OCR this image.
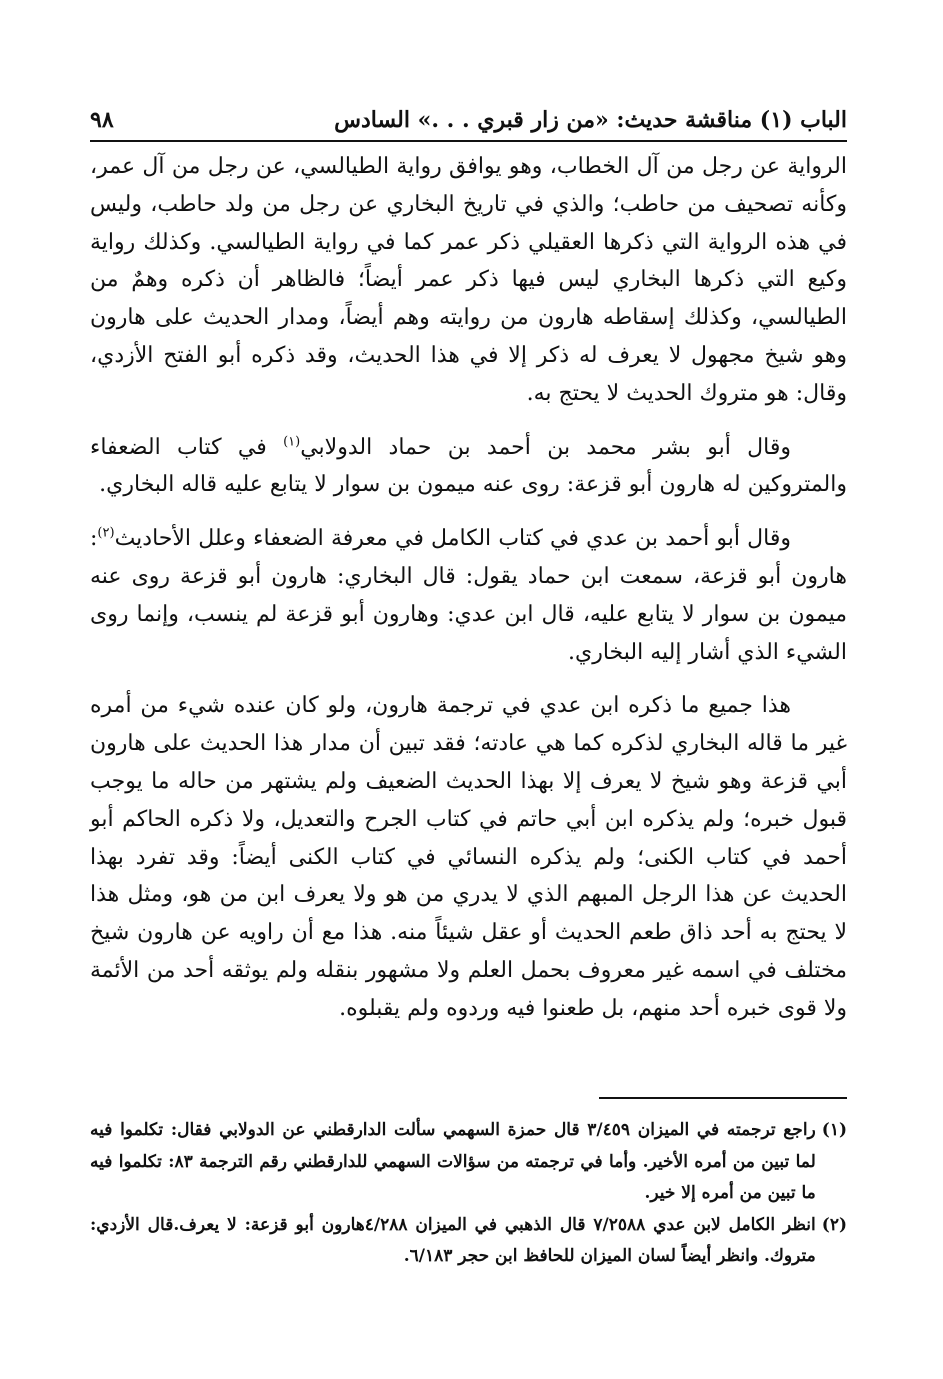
الباب (١) مناقشة حديث: «من زار قبري . . .» السادس
٩٨

الرواية عن رجل من آل الخطاب، وهو يوافق رواية الطيالسي، عن رجل من آل عمر، وكأنه تصحيف من حاطب؛ والذي في تاريخ البخاري عن رجل من ولد حاطب، وليس في هذه الرواية التي ذكرها العقيلي ذكر عمر كما في رواية الطيالسي. وكذلك رواية وكيع التي ذكرها البخاري ليس فيها ذكر عمر أيضاً؛ فالظاهر أن ذكره وهمٌ من الطيالسي، وكذلك إسقاطه هارون من روايته وهم أيضاً، ومدار الحديث على هارون وهو شيخ مجهول لا يعرف له ذكر إلا في هذا الحديث، وقد ذكره أبو الفتح الأزدي، وقال: هو متروك الحديث لا يحتج به.

وقال أبو بشر محمد بن أحمد بن حماد الدولابي$^{(١)}$ في كتاب الضعفاء والمتروكين له هارون أبو قزعة: روى عنه ميمون بن سوار لا يتابع عليه قاله البخاري.

وقال أبو أحمد بن عدي في كتاب الكامل في معرفة الضعفاء وعلل الأحاديث$^{(٢)}$: هارون أبو قزعة، سمعت ابن حماد يقول: قال البخاري: هارون أبو قزعة روى عنه ميمون بن سوار لا يتابع عليه، قال ابن عدي: وهارون أبو قزعة لم ينسب، وإنما روى الشيء الذي أشار إليه البخاري.

هذا جميع ما ذكره ابن عدي في ترجمة هارون، ولو كان عنده شيء من أمره غير ما قاله البخاري لذكره كما هي عادته؛ فقد تبين أن مدار هذا الحديث على هارون أبي قزعة وهو شيخ لا يعرف إلا بهذا الحديث الضعيف ولم يشتهر من حاله ما يوجب قبول خبره؛ ولم يذكره ابن أبي حاتم في كتاب الجرح والتعديل، ولا ذكره الحاكم أبو أحمد في كتاب الكنى؛ ولم يذكره النسائي في كتاب الكنى أيضاً: وقد تفرد بهذا الحديث عن هذا الرجل المبهم الذي لا يدري من هو ولا يعرف ابن من هو، ومثل هذا لا يحتج به أحد ذاق طعم الحديث أو عقل شيئاً منه. هذا مع أن راويه عن هارون شيخ مختلف في اسمه غير معروف بحمل العلم ولا مشهور بنقله ولم يوثقه أحد من الأئمة ولا قوى خبره أحد منهم، بل طعنوا فيه وردوه ولم يقبلوه.

(١)
راجع ترجمته في الميزان ٣/٤٥٩ قال حمزة السهمي سألت الدارقطني عن الدولابي فقال: تكلموا فيه لما تبين من أمره الأخير. وأما في ترجمته من سؤالات السهمي للدارقطني رقم الترجمة ٨٣: تكلموا فيه ما تبين من أمره إلا خير.

(٢)
انظر الكامل لابن عدي ٧/٢٥٨٨ قال الذهبي في الميزان ٤/٢٨٨هارون أبو قزعة: لا يعرف.قال الأزدي: متروك. وانظر أيضاً لسان الميزان للحافظ ابن حجر ٦/١٨٣.
